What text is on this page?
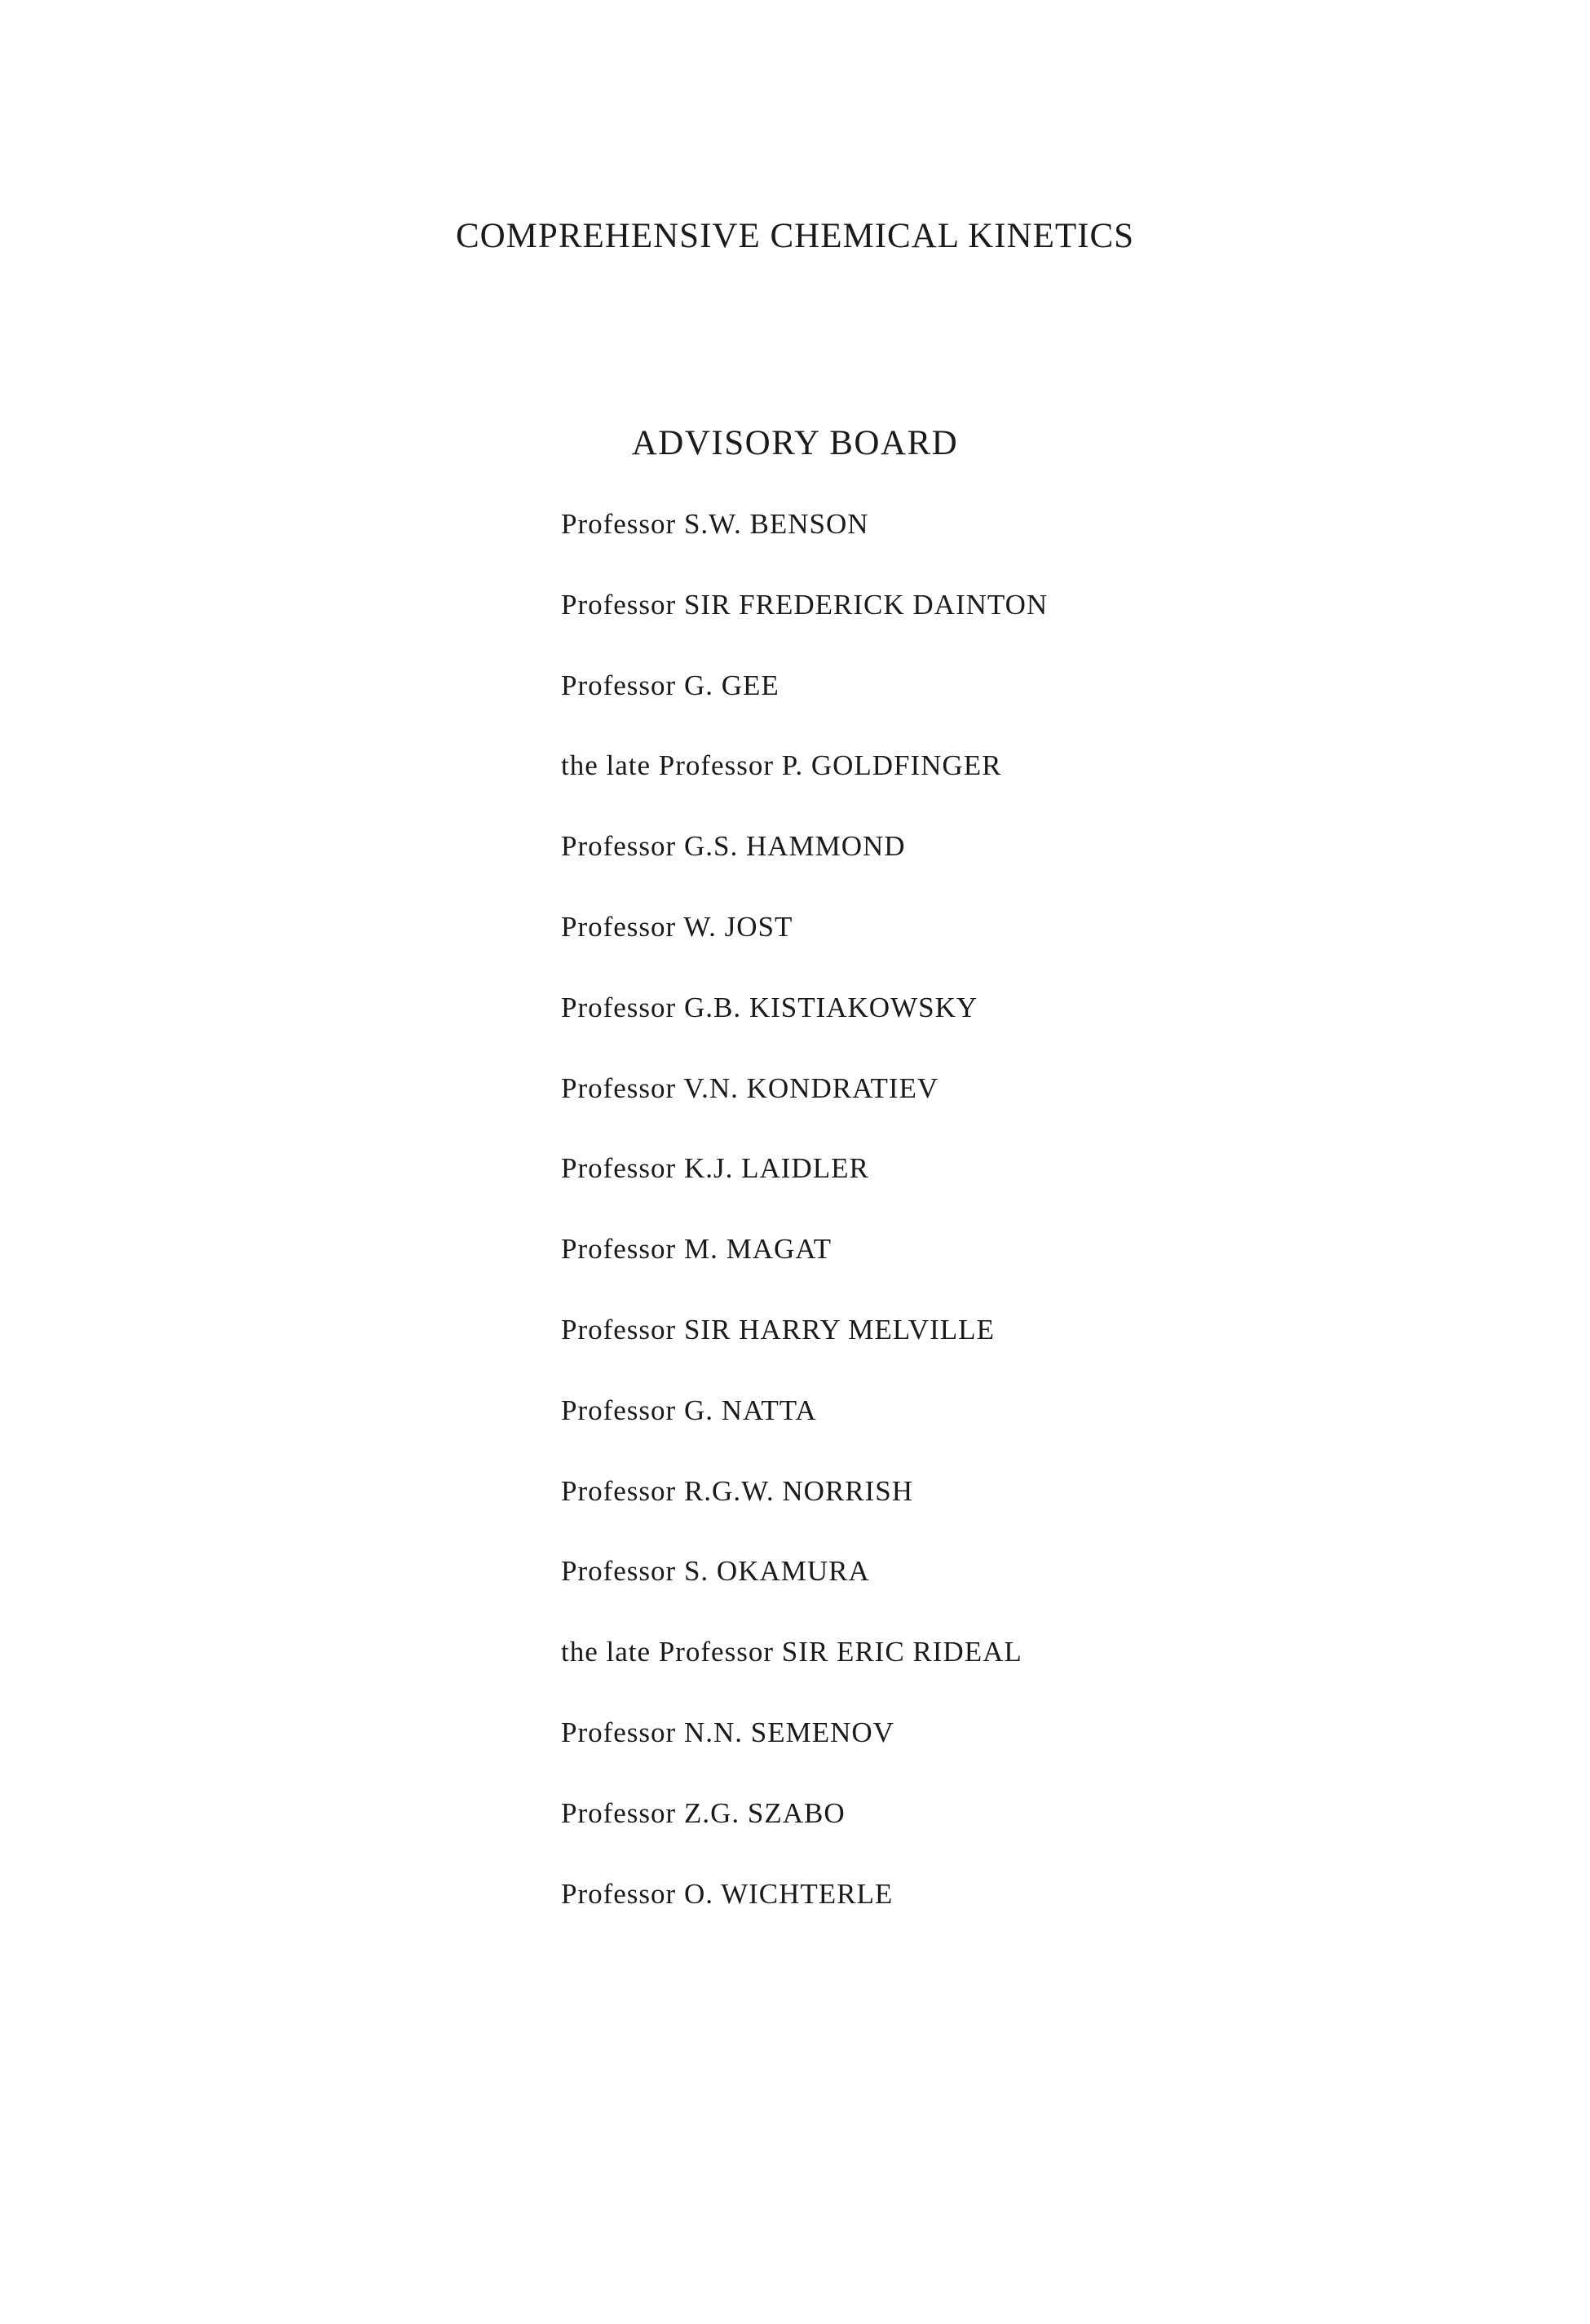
COMPREHENSIVE CHEMICAL KINETICS
ADVISORY BOARD
Professor S.W. BENSON
Professor SIR FREDERICK DAINTON
Professor G. GEE
the late Professor P. GOLDFINGER
Professor G.S. HAMMOND
Professor W. JOST
Professor G.B. KISTIAKOWSKY
Professor V.N. KONDRATIEV
Professor K.J. LAIDLER
Professor M. MAGAT
Professor SIR HARRY MELVILLE
Professor G. NATTA
Professor R.G.W. NORRISH
Professor S. OKAMURA
the late Professor SIR ERIC RIDEAL
Professor N.N. SEMENOV
Professor Z.G. SZABO
Professor O. WICHTERLE
